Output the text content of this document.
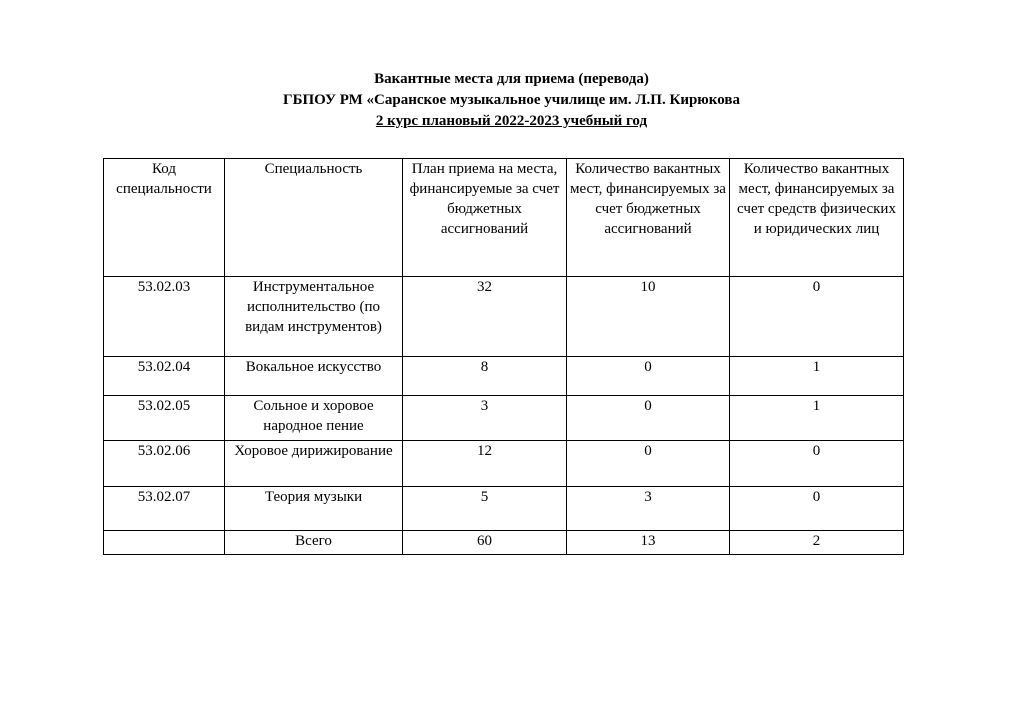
Вакантные места для приема (перевода)
ГБПОУ РМ «Саранское музыкальное училище им. Л.П. Кирюкова
2 курс плановый 2022-2023 учебный год
Код специальности	Специальность	План приема на места, финансируемые за счет бюджетных ассигнований	Количество вакантных мест, финансируемых за счет бюджетных ассигнований	Количество вакантных мест, финансируемых за счет средств физических и юридических лиц
53.02.03	Инструментальное исполнительство (по видам инструментов)	32	10	0
53.02.04	Вокальное искусство	8	0	1
53.02.05	Сольное и хоровое народное пение	3	0	1
53.02.06	Хоровое дирижирование	12	0	0
53.02.07	Теория музыки	5	3	0
	Всего	60	13	2
